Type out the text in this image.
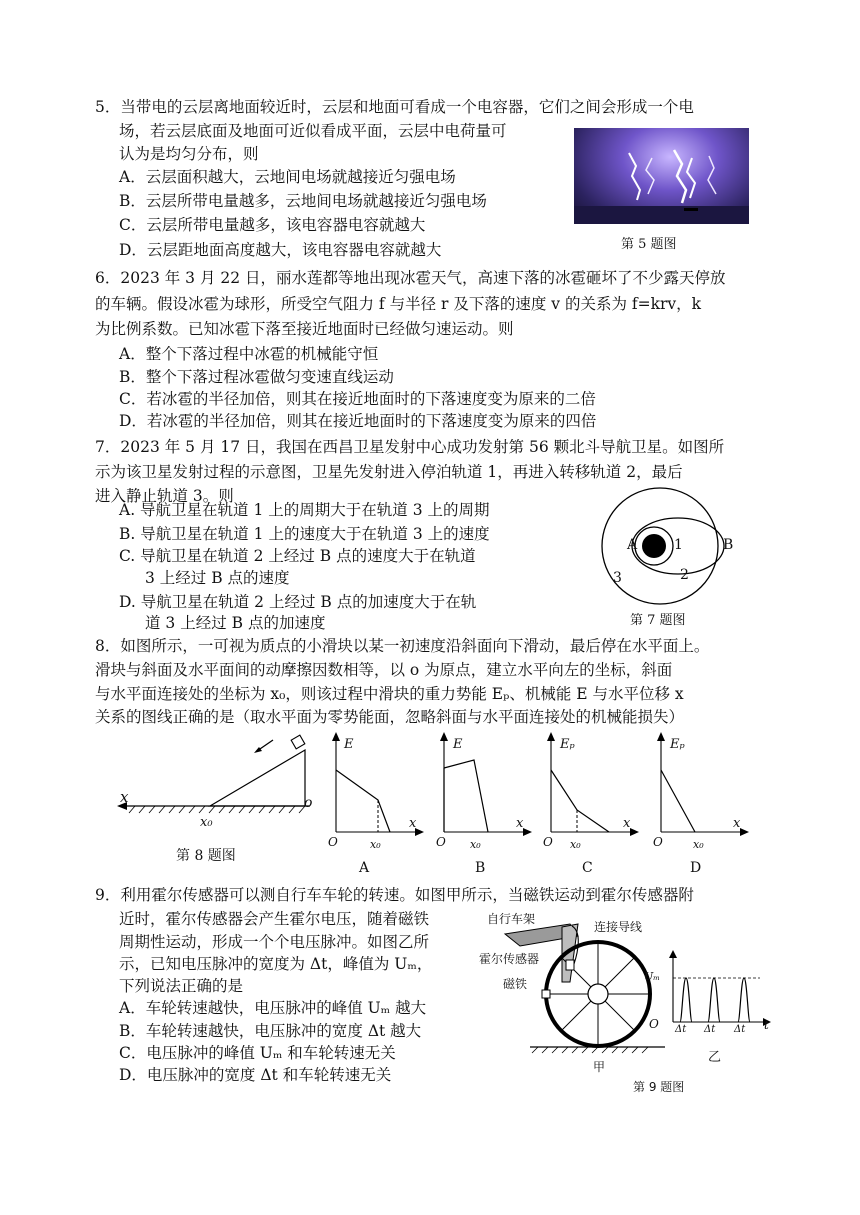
5．当带电的云层离地面较近时，云层和地面可看成一个电容器，它们之间会形成一个电
场，若云层底面及地面可近似看成平面，云层中电荷量可
认为是均匀分布，则
A．云层面积越大，云地间电场就越接近匀强电场
B．云层所带电量越多，云地间电场就越接近匀强电场
C．云层所带电量越多，该电容器电容就越大
D．云层距地面高度越大，该电容器电容就越大	第 5 题图
6．2023 年 3 月 22 日，丽水莲都等地出现冰雹天气，高速下落的冰雹砸坏了不少露天停放
的车辆。假设冰雹为球形，所受空气阻力 f 与半径 r 及下落的速度 v 的关系为 f=krv，k
为比例系数。已知冰雹下落至接近地面时已经做匀速运动。则
A．整个下落过程中冰雹的机械能守恒
B．整个下落过程冰雹做匀变速直线运动
C．若冰雹的半径加倍，则其在接近地面时的下落速度变为原来的二倍
D．若冰雹的半径加倍，则其在接近地面时的下落速度变为原来的四倍
7．2023 年 5 月 17 日，我国在西昌卫星发射中心成功发射第 56 颗北斗导航卫星。如图所
示为该卫星发射过程的示意图，卫星先发射进入停泊轨道 1，再进入转移轨道 2，最后
进入静止轨道 3。则
A. 导航卫星在轨道 1 上的周期大于在轨道 3 上的周期
B. 导航卫星在轨道 1 上的速度大于在轨道 3 上的速度
C. 导航卫星在轨道 2 上经过 B 点的速度大于在轨道
3 上经过 B 点的速度
D. 导航卫星在轨道 2 上经过 B 点的加速度大于在轨
道 3 上经过 B 点的加速度
A	1	B
2
3
第 7 题图
8．如图所示，一可视为质点的小滑块以某一初速度沿斜面向下滑动，最后停在水平面上。
滑块与斜面及水平面间的动摩擦因数相等，以 o 为原点，建立水平向左的坐标，斜面
与水平面连接处的坐标为 x₀，则该过程中滑块的重力势能 Eₚ、机械能 E 与水平位移 x
关系的图线正确的是（取水平面为零势能面，忽略斜面与水平面连接处的机械能损失）
x	o
x₀
第 8 题图
E
x
O	x₀
A
E
x
O x₀
B
Eₚ
x
O x₀
C
Eₚ
x
O	x₀
D
9．利用霍尔传感器可以测自行车车轮的转速。如图甲所示，当磁铁运动到霍尔传感器附
近时，霍尔传感器会产生霍尔电压，随着磁铁
周期性运动，形成一个个电压脉冲。如图乙所
示，已知电压脉冲的宽度为 Δt，峰值为 Uₘ，
下列说法正确的是
A．车轮转速越快，电压脉冲的峰值 Uₘ 越大
B．车轮转速越快，电压脉冲的宽度 Δt 越大
C．电压脉冲的峰值 Uₘ 和车轮转速无关
D．电压脉冲的宽度 Δt 和车轮转速无关
自行车架
连接导线
霍尔传感器
磁铁
甲
Uₘ
O	t
Δt Δt Δt
乙
第 9 题图
